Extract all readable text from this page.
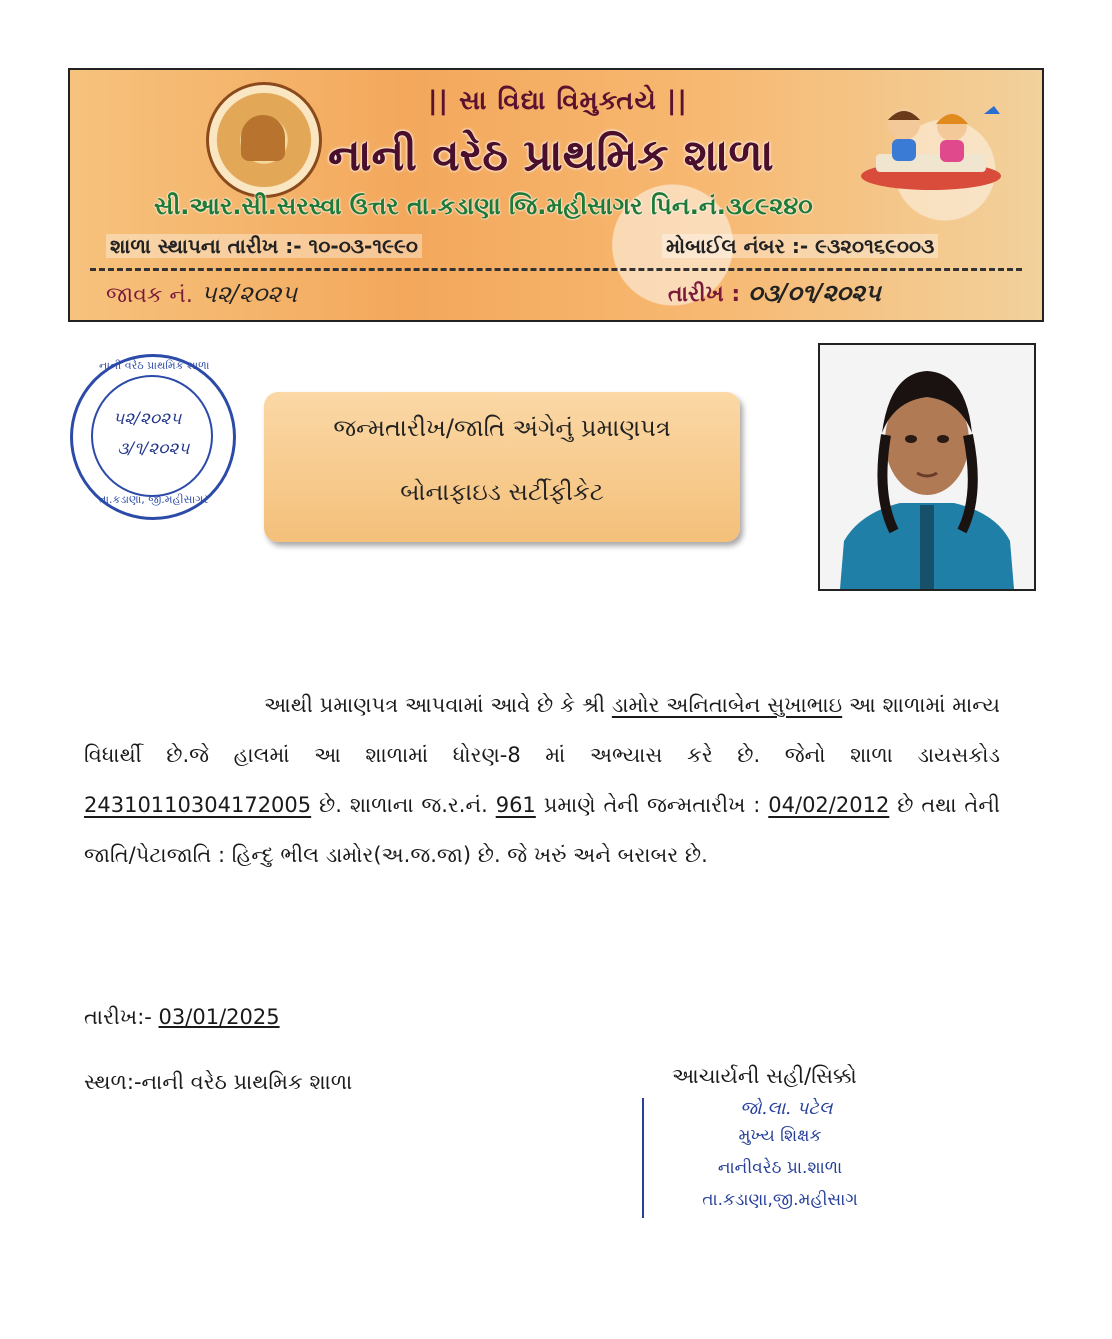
|| સા વિદ્યા વિમુક્તયે ||
નાની વરેઠ પ્રાથમિક શાળા
સી.આર.સી.સરસ્વા ઉત્તર તા.કડાણા જિ.મહીસાગર પિન.નં.૩૮૯૨૪૦
શાળા સ્થાપના તારીખ :- ૧૦-૦૩-૧૯૯૦	મોબાઈલ નંબર :- ૯૩૨૦૧૬૯૦૦૩
જાવક નં. ૫૨/૨૦૨૫	તારીખ : ૦૩/૦૧/૨૦૨૫
નાની વરેઠ પ્રાથમિક શાળા
૫૨/૨૦૨૫
૩/૧/૨૦૨૫
તા.કડાણા, જી.મહીસાગર
જન્મતારીખ/જાતિ અંગેનું પ્રમાણપત્ર
બોનાફાઇડ સર્ટીફીકેટ
આથી પ્રમાણપત્ર આપવામાં આવે છે કે શ્રી ડામોર અનિતાબેન સુખાભાઇ આ શાળામાં માન્ય વિધાર્થી છે.જે હાલમાં આ શાળામાં ધોરણ-8 માં અભ્યાસ કરે છે. જેનો શાળા ડાયસકોડ 24310110304172005 છે. શાળાના જ.ર.નં. 961 પ્રમાણે તેની જન્મતારીખ : 04/02/2012 છે તથા તેની જાતિ/પેટાજાતિ : હિન્દુ ભીલ ડામોર(અ.જ.જા) છે. જે ખરું અને બરાબર છે.
તારીખ:- 03/01/2025
સ્થળ:-નાની વરેઠ પ્રાથમિક શાળા	આચાર્યની સહી/સિક્કો
જો.લા. પટેલ
મુખ્ય શિક્ષક
નાનીવરેઠ પ્રા.શાળા
તા.કડાણા,જી.મહીસાગ
